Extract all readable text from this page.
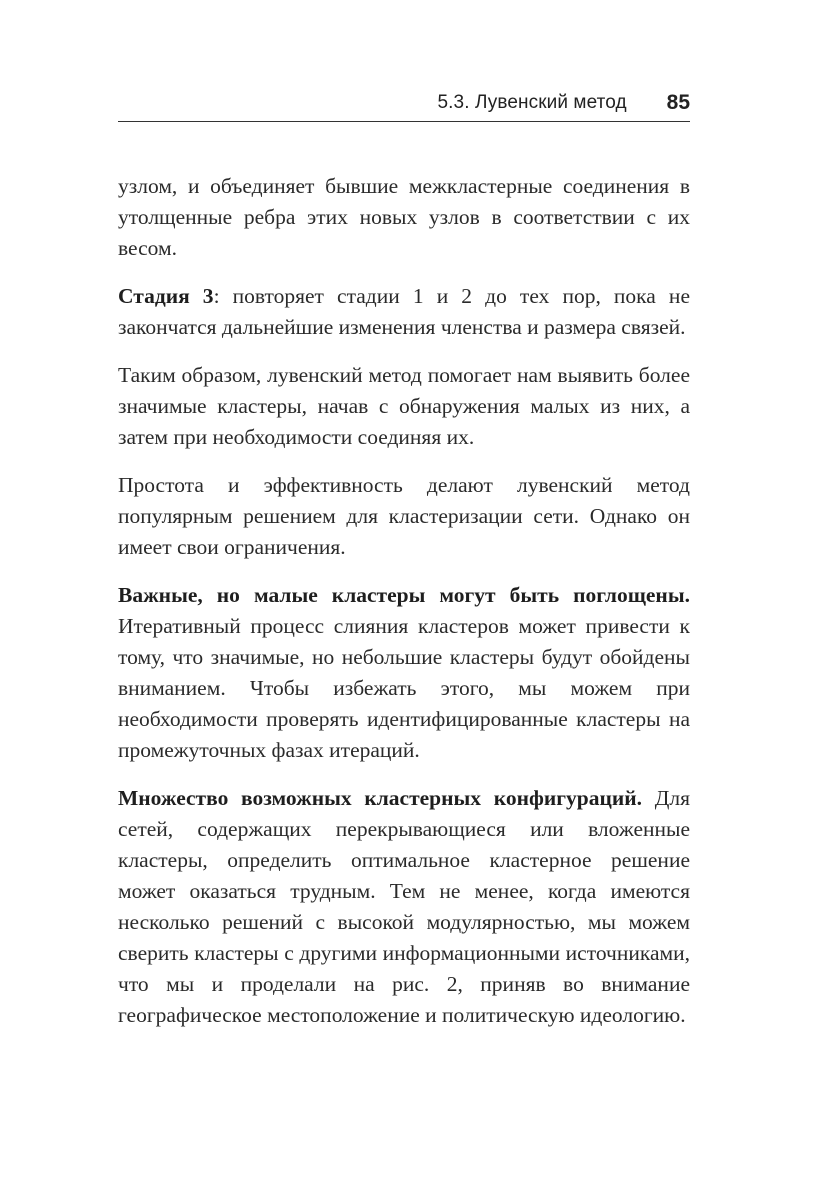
5.3. Лувенский метод 85

узлом, и объединяет бывшие межкластерные соединения в утолщенные ребра этих новых узлов в соответствии с их весом.

Стадия 3: повторяет стадии 1 и 2 до тех пор, пока не закончатся дальнейшие изменения членства и размера связей.

Таким образом, лувенский метод помогает нам выявить более значимые кластеры, начав с обнаружения малых из них, а затем при необходимости соединяя их.

Простота и эффективность делают лувенский метод популярным решением для кластеризации сети. Однако он имеет свои ограничения.

Важные, но малые кластеры могут быть поглощены. Итеративный процесс слияния кластеров может привести к тому, что значимые, но небольшие кластеры будут обойдены вниманием. Чтобы избежать этого, мы можем при необходимости проверять идентифицированные кластеры на промежуточных фазах итераций.

Множество возможных кластерных конфигураций. Для сетей, содержащих перекрывающиеся или вложенные кластеры, определить оптимальное кластерное решение может оказаться трудным. Тем не менее, когда имеются несколько решений с высокой модулярностью, мы можем сверить кластеры с другими информационными источниками, что мы и проделали на рис. 2, приняв во внимание географическое местоположение и политическую идеологию.
